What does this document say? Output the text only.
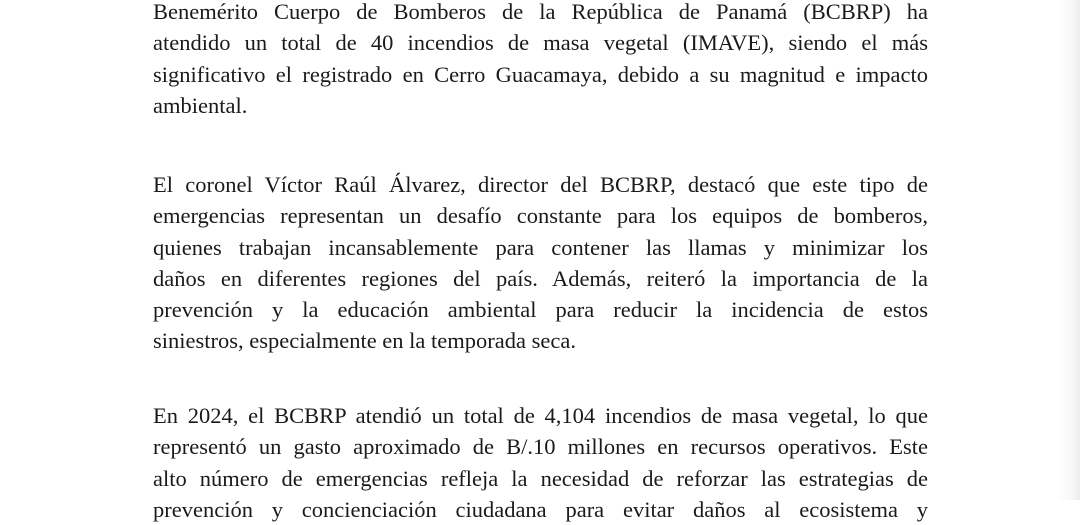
Benemérito Cuerpo de Bomberos de la República de Panamá (BCBRP) ha
atendido un total de 40 incendios de masa vegetal (IMAVE), siendo el más
significativo el registrado en Cerro Guacamaya, debido a su magnitud e impacto
ambiental.
El coronel Víctor Raúl Álvarez, director del BCBRP, destacó que este tipo de
emergencias representan un desafío constante para los equipos de bomberos,
quienes trabajan incansablemente para contener las llamas y minimizar los
daños en diferentes regiones del país. Además, reiteró la importancia de la
prevención y la educación ambiental para reducir la incidencia de estos
siniestros, especialmente en la temporada seca.
En 2024, el BCBRP atendió un total de 4,104 incendios de masa vegetal, lo que
representó un gasto aproximado de B/.10 millones en recursos operativos. Este
alto número de emergencias refleja la necesidad de reforzar las estrategias de
prevención y concienciación ciudadana para evitar daños al ecosistema y
